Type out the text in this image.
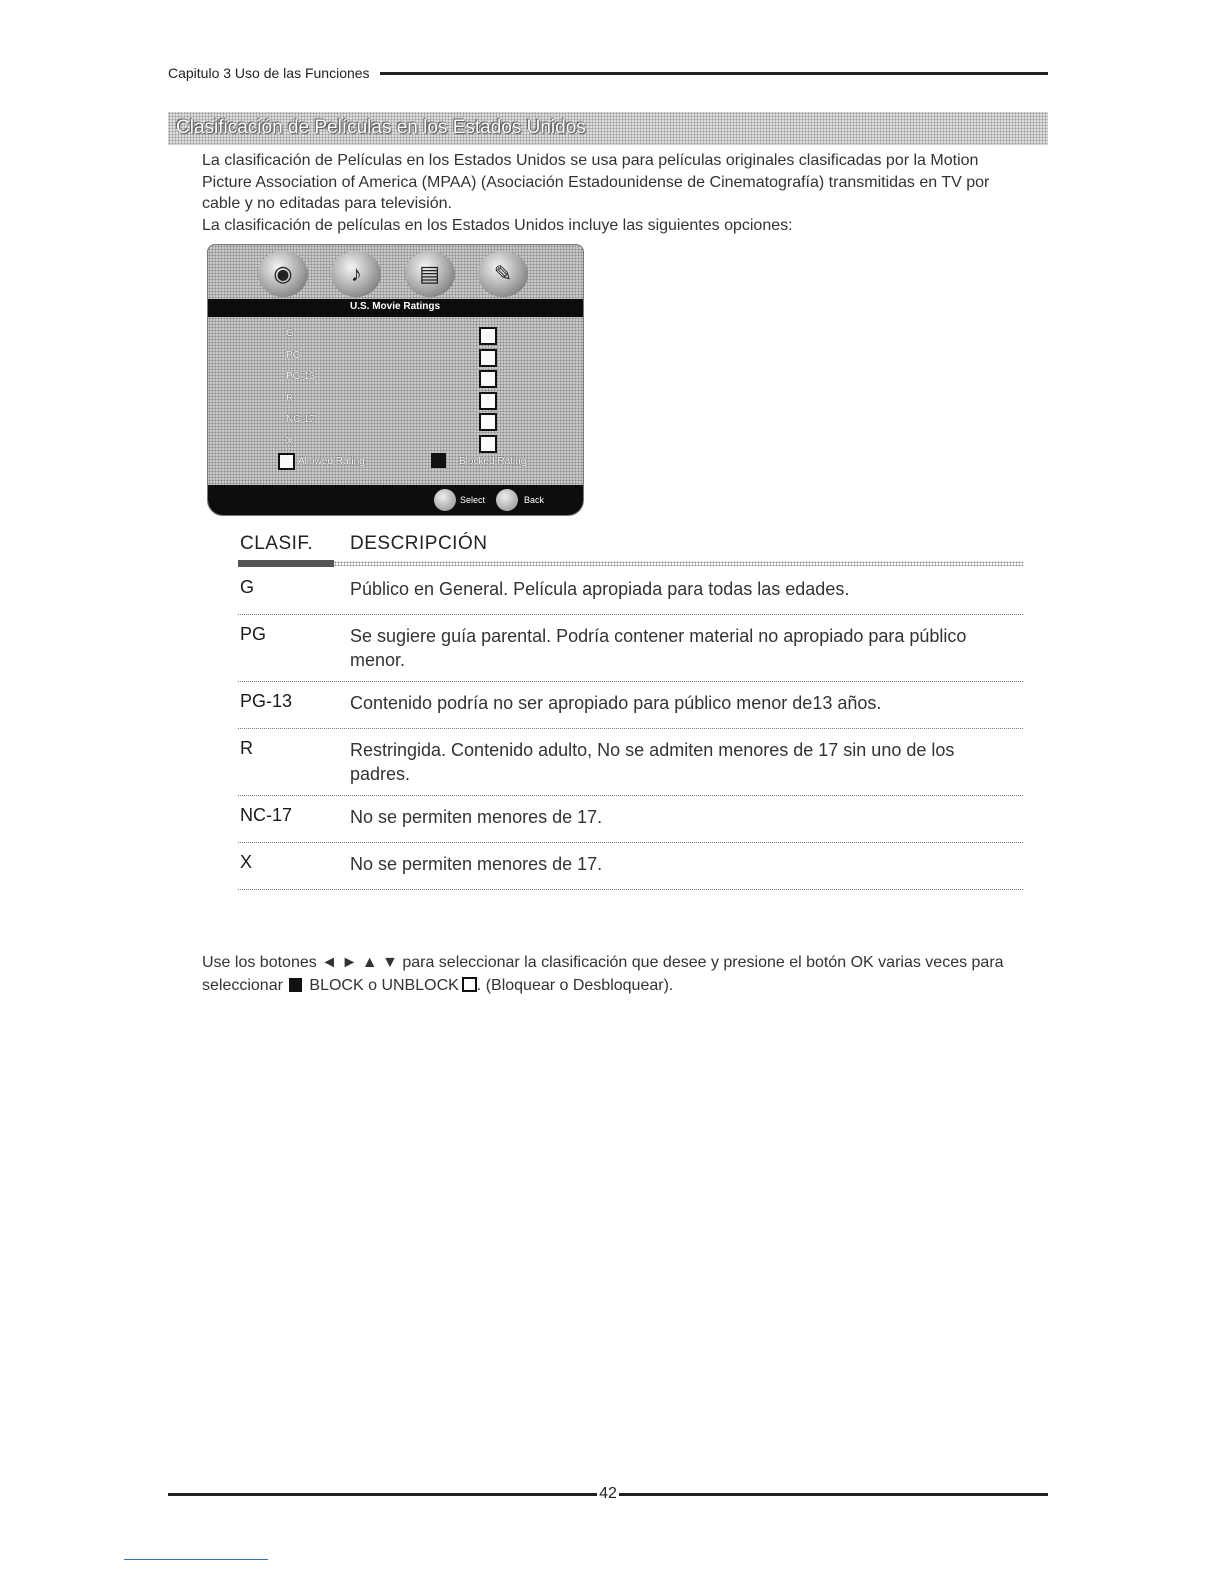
Capitulo 3 Uso de las Funciones
Clasificación de Películas en los Estados Unidos

La clasificación de Películas en los Estados Unidos se usa para películas originales clasificadas por la Motion Picture Association of America (MPAA) (Asociación Estadounidense de Cinematografía) transmitidas en TV por cable y no editadas para televisión.

La clasificación de películas en los Estados Unidos incluye las siguientes opciones:

◉	♪	▤	✎
U.S. Movie Ratings
G
PG
PG-13
R
NC-17
X
Allowed Rating	Blocked Rating
Select	Back
CLASIF. DESCRIPCIÓN
G	Público en General. Película apropiada para todas las edades.
PG	Se sugiere guía parental. Podría contener material no apropiado para público menor.
PG-13	Contenido podría no ser apropiado para público menor de13 años.
R	Restringida. Contenido adulto, No se admiten menores de 17 sin uno de los padres.
NC-17	No se permiten menores de 17.
X	No se permiten menores de 17.

Use los botones ◄ ► ▲ ▼ para seleccionar la clasificación que desee y presione el botón OK varias veces para seleccionar BLOCK o UNBLOCK . (Bloquear o Desbloquear).

42
